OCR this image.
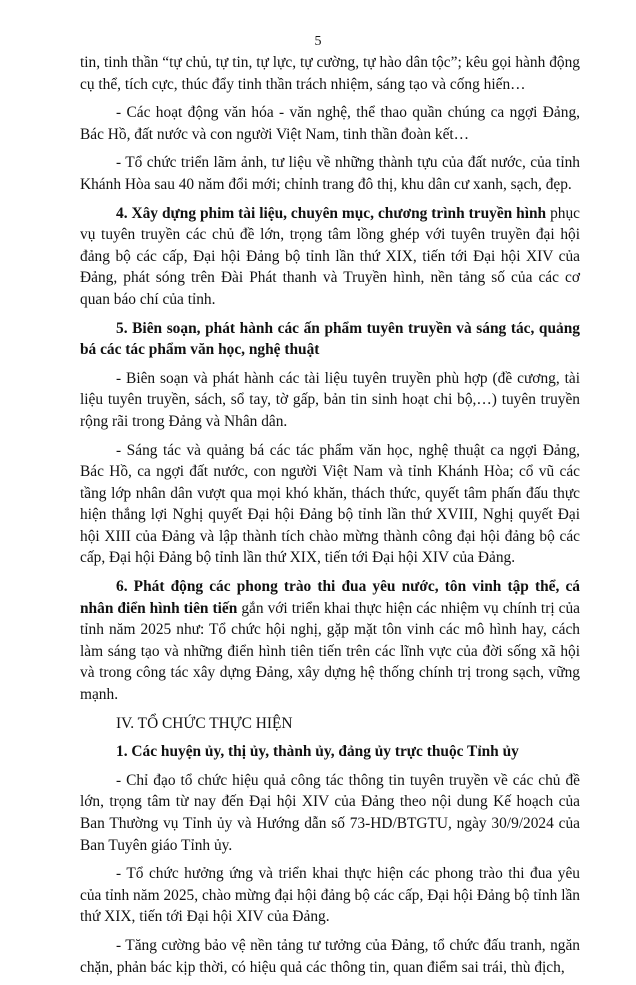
5

tin, tinh thần “tự chủ, tự tin, tự lực, tự cường, tự hào dân tộc”; kêu gọi hành động cụ thể, tích cực, thúc đẩy tinh thần trách nhiệm, sáng tạo và cống hiến…

- Các hoạt động văn hóa - văn nghệ, thể thao quần chúng ca ngợi Đảng, Bác Hồ, đất nước và con người Việt Nam, tinh thần đoàn kết…

- Tổ chức triển lãm ảnh, tư liệu về những thành tựu của đất nước, của tỉnh Khánh Hòa sau 40 năm đổi mới; chỉnh trang đô thị, khu dân cư xanh, sạch, đẹp.

4. Xây dựng phim tài liệu, chuyên mục, chương trình truyền hình phục vụ tuyên truyền các chủ đề lớn, trọng tâm lồng ghép với tuyên truyền đại hội đảng bộ các cấp, Đại hội Đảng bộ tỉnh lần thứ XIX, tiến tới Đại hội XIV của Đảng, phát sóng trên Đài Phát thanh và Truyền hình, nền tảng số của các cơ quan báo chí của tỉnh.

5. Biên soạn, phát hành các ấn phẩm tuyên truyền và sáng tác, quảng bá các tác phẩm văn học, nghệ thuật

- Biên soạn và phát hành các tài liệu tuyên truyền phù hợp (đề cương, tài liệu tuyên truyền, sách, sổ tay, tờ gấp, bản tin sinh hoạt chi bộ,…) tuyên truyền rộng rãi trong Đảng và Nhân dân.

- Sáng tác và quảng bá các tác phẩm văn học, nghệ thuật ca ngợi Đảng, Bác Hồ, ca ngợi đất nước, con người Việt Nam và tỉnh Khánh Hòa; cổ vũ các tầng lớp nhân dân vượt qua mọi khó khăn, thách thức, quyết tâm phấn đấu thực hiện thắng lợi Nghị quyết Đại hội Đảng bộ tỉnh lần thứ XVIII, Nghị quyết Đại hội XIII của Đảng và lập thành tích chào mừng thành công đại hội đảng bộ các cấp, Đại hội Đảng bộ tỉnh lần thứ XIX, tiến tới Đại hội XIV của Đảng.

6. Phát động các phong trào thi đua yêu nước, tôn vinh tập thể, cá nhân điển hình tiên tiến gắn với triển khai thực hiện các nhiệm vụ chính trị của tỉnh năm 2025 như: Tổ chức hội nghị, gặp mặt tôn vinh các mô hình hay, cách làm sáng tạo và những điển hình tiên tiến trên các lĩnh vực của đời sống xã hội và trong công tác xây dựng Đảng, xây dựng hệ thống chính trị trong sạch, vững mạnh.

IV. TỔ CHỨC THỰC HIỆN

1. Các huyện ủy, thị ủy, thành ủy, đảng ủy trực thuộc Tỉnh ủy

- Chỉ đạo tổ chức hiệu quả công tác thông tin tuyên truyền về các chủ đề lớn, trọng tâm từ nay đến Đại hội XIV của Đảng theo nội dung Kế hoạch của Ban Thường vụ Tỉnh ủy và Hướng dẫn số 73-HD/BTGTU, ngày 30/9/2024 của Ban Tuyên giáo Tỉnh ủy.

- Tổ chức hưởng ứng và triển khai thực hiện các phong trào thi đua yêu của tỉnh năm 2025, chào mừng đại hội đảng bộ các cấp, Đại hội Đảng bộ tỉnh lần thứ XIX, tiến tới Đại hội XIV của Đảng.

- Tăng cường bảo vệ nền tảng tư tưởng của Đảng, tổ chức đấu tranh, ngăn chặn, phản bác kịp thời, có hiệu quả các thông tin, quan điểm sai trái, thù địch,
